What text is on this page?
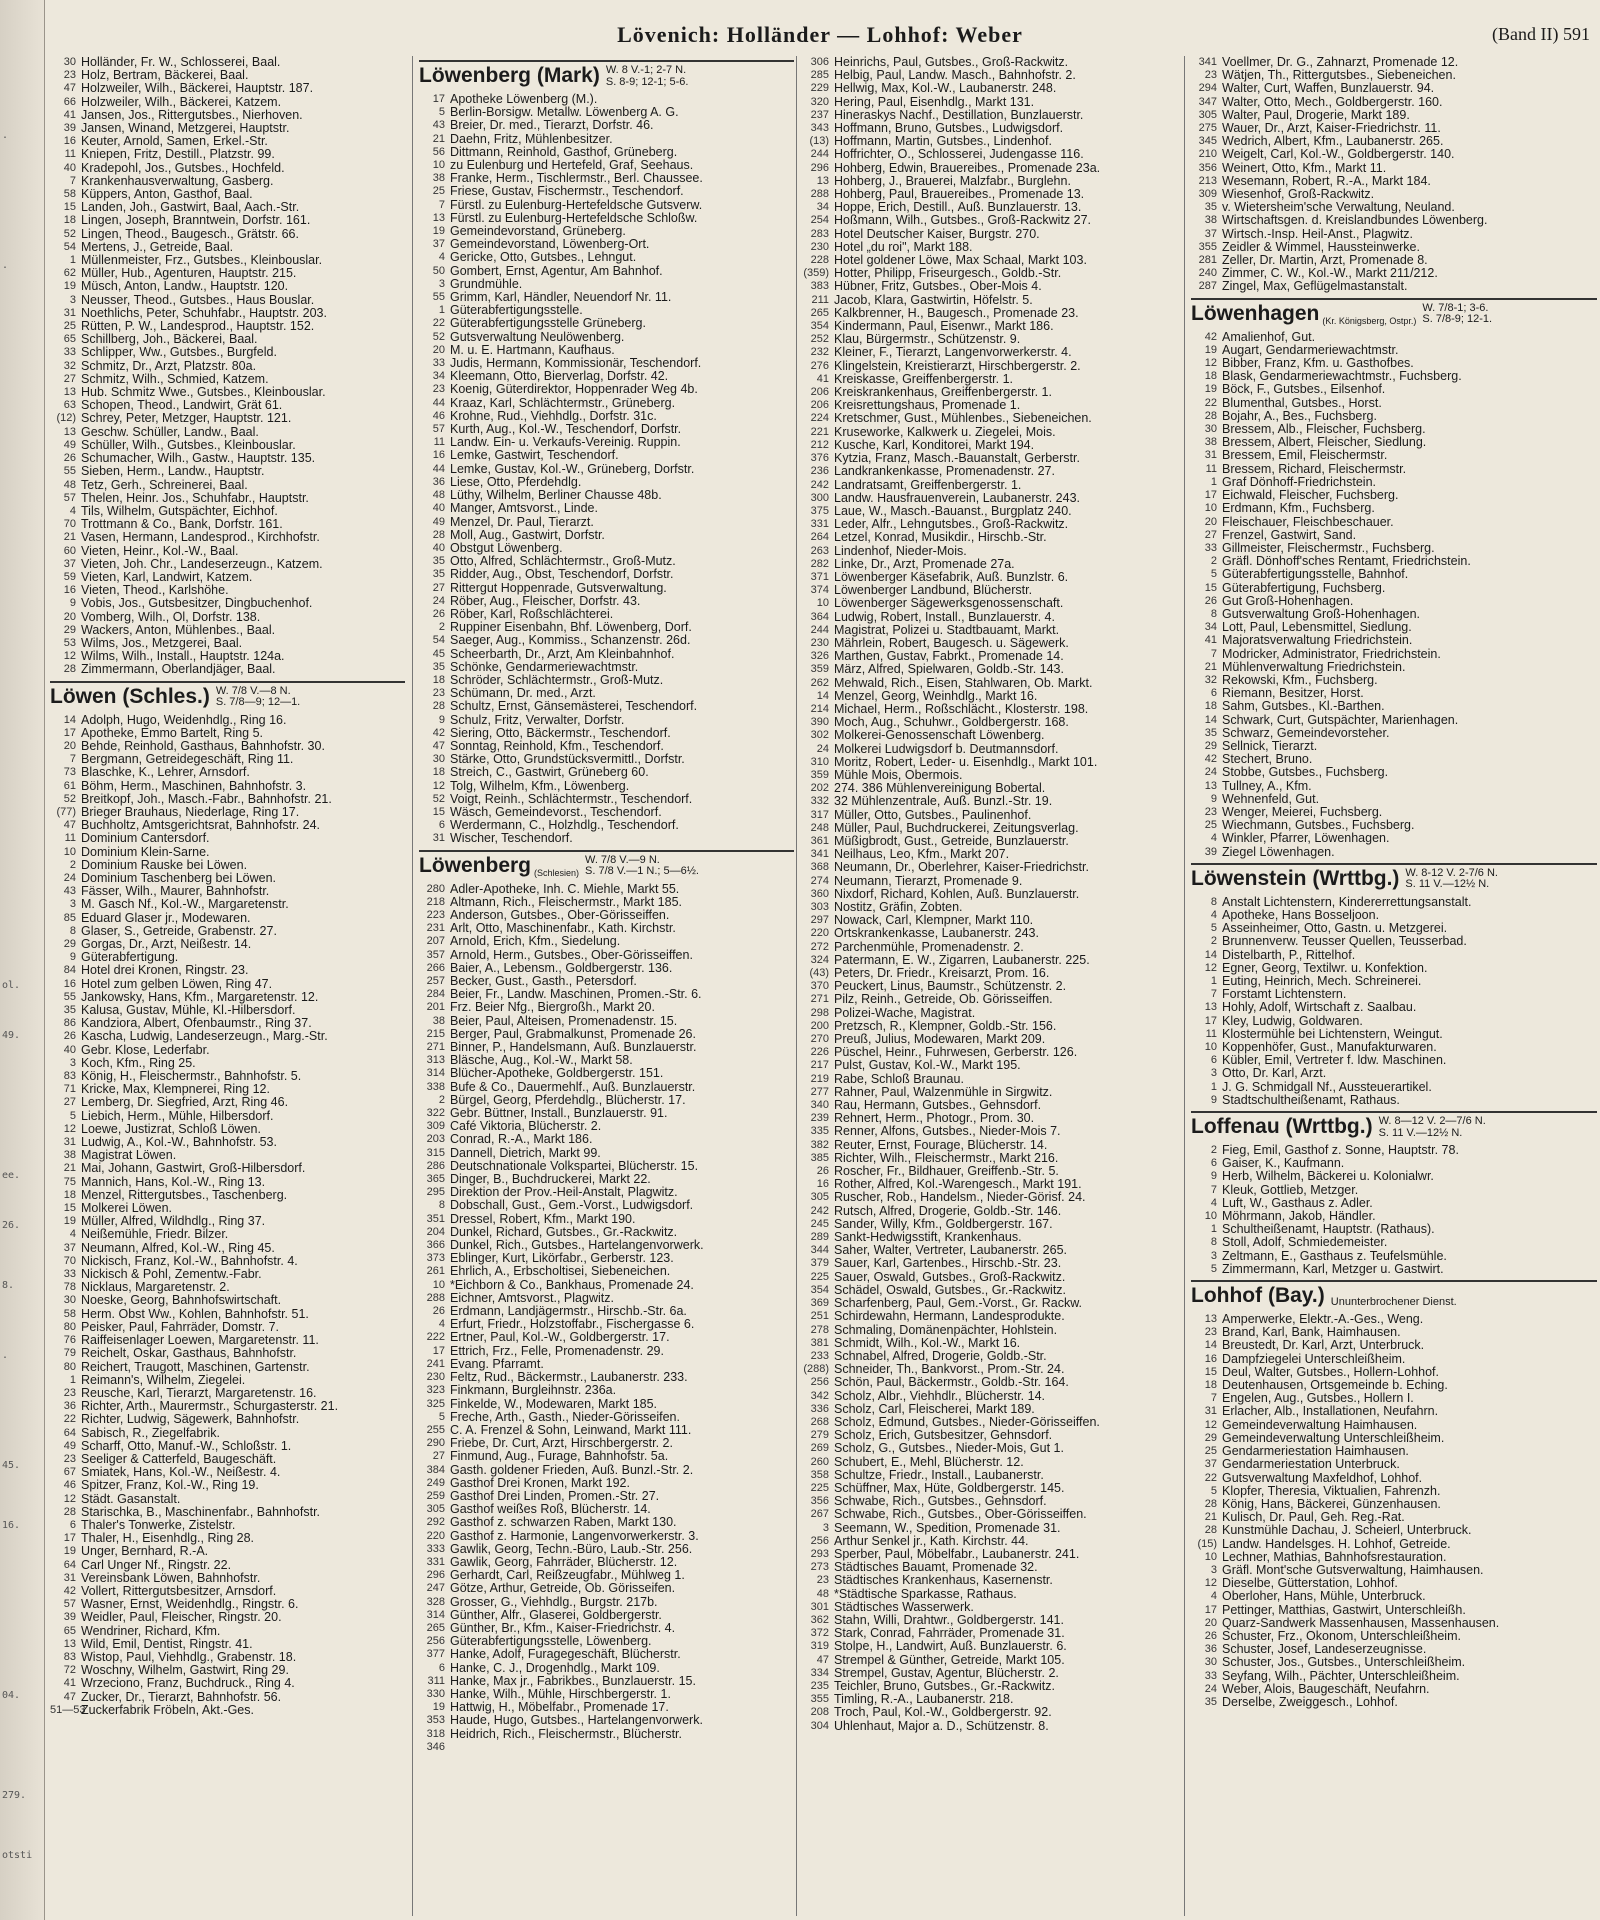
.
.
ol.
49.
ee.
26.
8.
.
45.
16.
04.
279.
otsti
Lövenich: Holländer — Lohhof: Weber	(Band II) 591
30 Holländer, Fr. W., Schlosserei, Baal.
23 Holz, Bertram, Bäckerei, Baal.
47 Holzweiler, Wilh., Bäckerei, Hauptstr. 187.
66 Holzweiler, Wilh., Bäckerei, Katzem.
41 Jansen, Jos., Rittergutsbes., Nierhoven.
39 Jansen, Winand, Metzgerei, Hauptstr.
16 Keuter, Arnold, Samen, Erkel.-Str.
11 Kniepen, Fritz, Destill., Platzstr. 99.
40 Kradepohl, Jos., Gutsbes., Hochfeld.
7 Krankenhausverwaltung, Gasberg.
58 Küppers, Anton, Gasthof, Baal.
15 Landen, Joh., Gastwirt, Baal, Aach.-Str.
18 Lingen, Joseph, Branntwein, Dorfstr. 161.
52 Lingen, Theod., Baugesch., Grätstr. 66.
54 Mertens, J., Getreide, Baal.
1 Müllenmeister, Frz., Gutsbes., Kleinbouslar.
62 Müller, Hub., Agenturen, Hauptstr. 215.
19 Müsch, Anton, Landw., Hauptstr. 120.
3 Neusser, Theod., Gutsbes., Haus Bouslar.
31 Noethlichs, Peter, Schuhfabr., Hauptstr. 203.
25 Rütten, P. W., Landesprod., Hauptstr. 152.
65 Schillberg, Joh., Bäckerei, Baal.
33 Schlipper, Ww., Gutsbes., Burgfeld.
32 Schmitz, Dr., Arzt, Platzstr. 80a.
27 Schmitz, Wilh., Schmied, Katzem.
13 Hub. Schmitz Wwe., Gutsbes., Kleinbouslar.
63 Schopen, Theod., Landwirt, Grät 61.
(12) Schrey, Peter, Metzger, Hauptstr. 121.
13 Geschw. Schüller, Landw., Baal.
49 Schüller, Wilh., Gutsbes., Kleinbouslar.
26 Schumacher, Wilh., Gastw., Hauptstr. 135.
55 Sieben, Herm., Landw., Hauptstr.
48 Tetz, Gerh., Schreinerei, Baal.
57 Thelen, Heinr. Jos., Schuhfabr., Hauptstr.
4 Tils, Wilhelm, Gutspächter, Eichhof.
70 Trottmann & Co., Bank, Dorfstr. 161.
21 Vasen, Hermann, Landesprod., Kirchhofstr.
60 Vieten, Heinr., Kol.-W., Baal.
37 Vieten, Joh. Chr., Landeserzeugn., Katzem.
59 Vieten, Karl, Landwirt, Katzem.
16 Vieten, Theod., Karlshöhe.
9 Vobis, Jos., Gutsbesitzer, Dingbuchenhof.
20 Vomberg, Wilh., Öl, Dorfstr. 138.
29 Wackers, Anton, Mühlenbes., Baal.
53 Wilms, Jos., Metzgerei, Baal.
12 Wilms, Wilh., Install., Hauptstr. 124a.
28 Zimmermann, Oberlandjäger, Baal.
Löwen (Schles.) W. 7/8 V.—8 N.
S. 7/8—9; 12—1.
14 Adolph, Hugo, Weidenhdlg., Ring 16.
17 Apotheke, Emmo Bartelt, Ring 5.
20 Behde, Reinhold, Gasthaus, Bahnhofstr. 30.
7 Bergmann, Getreidegeschäft, Ring 11.
73 Blaschke, K., Lehrer, Arnsdorf.
61 Böhm, Herm., Maschinen, Bahnhofstr. 3.
52 Breitkopf, Joh., Masch.-Fabr., Bahnhofstr. 21.
(77) Brieger Brauhaus, Niederlage, Ring 17.
47 Buchholtz, Amtsgerichtsrat, Bahnhofstr. 24.
11 Dominium Cantersdorf.
10 Dominium Klein-Sarne.
2 Dominium Rauske bei Löwen.
24 Dominium Taschenberg bei Löwen.
43 Fässer, Wilh., Maurer, Bahnhofstr.
3 M. Gasch Nf., Kol.-W., Margaretenstr.
85 Eduard Glaser jr., Modewaren.
8 Glaser, S., Getreide, Grabenstr. 27.
29 Gorgas, Dr., Arzt, Neißestr. 14.
9 Güterabfertigung.
84 Hotel drei Kronen, Ringstr. 23.
16 Hotel zum gelben Löwen, Ring 47.
55 Jankowsky, Hans, Kfm., Margaretenstr. 12.
35 Kalusa, Gustav, Mühle, Kl.-Hilbersdorf.
86 Kandziora, Albert, Ofenbaumstr., Ring 37.
26 Kascha, Ludwig, Landeserzeugn., Marg.-Str.
40 Gebr. Klose, Lederfabr.
3 Koch, Kfm., Ring 25.
83 König, H., Fleischermstr., Bahnhofstr. 5.
71 Kricke, Max, Klempnerei, Ring 12.
27 Lemberg, Dr. Siegfried, Arzt, Ring 46.
5 Liebich, Herm., Mühle, Hilbersdorf.
12 Loewe, Justizrat, Schloß Löwen.
31 Ludwig, A., Kol.-W., Bahnhofstr. 53.
38 Magistrat Löwen.
21 Mai, Johann, Gastwirt, Groß-Hilbersdorf.
75 Mannich, Hans, Kol.-W., Ring 13.
18 Menzel, Rittergutsbes., Taschenberg.
15 Molkerei Löwen.
19 Müller, Alfred, Wildhdlg., Ring 37.
4 Neißemühle, Friedr. Bilzer.
37 Neumann, Alfred, Kol.-W., Ring 45.
70 Nickisch, Franz, Kol.-W., Bahnhofstr. 4.
33 Nickisch & Pohl, Zementw.-Fabr.
78 Nicklaus, Margaretenstr. 2.
30 Noeske, Georg, Bahnhofswirtschaft.
58 Herm. Obst Ww., Kohlen, Bahnhofstr. 51.
80 Peisker, Paul, Fahrräder, Domstr. 7.
76 Raiffeisenlager Loewen, Margaretenstr. 11.
79 Reichelt, Oskar, Gasthaus, Bahnhofstr.
80 Reichert, Traugott, Maschinen, Gartenstr.
1 Reimann's, Wilhelm, Ziegelei.
23 Reusche, Karl, Tierarzt, Margaretenstr. 16.
36 Richter, Arth., Maurermstr., Schurgasterstr. 21.
22 Richter, Ludwig, Sägewerk, Bahnhofstr.
64 Sabisch, R., Ziegelfabrik.
49 Scharff, Otto, Manuf.-W., Schloßstr. 1.
23 Seeliger & Catterfeld, Baugeschäft.
67 Smiatek, Hans, Kol.-W., Neißestr. 4.
46 Spitzer, Franz, Kol.-W., Ring 19.
12 Städt. Gasanstalt.
28 Starischka, B., Maschinenfabr., Bahnhofstr.
6 Thaler's Tonwerke, Zistelstr.
17 Thaler, H., Eisenhdlg., Ring 28.
19 Unger, Bernhard, R.-A.
64 Carl Unger Nf., Ringstr. 22.
31 Vereinsbank Löwen, Bahnhofstr.
42 Vollert, Rittergutsbesitzer, Arnsdorf.
57 Wasner, Ernst, Weidenhdlg., Ringstr. 6.
39 Weidler, Paul, Fleischer, Ringstr. 20.
65 Wendriner, Richard, Kfm.
13 Wild, Emil, Dentist, Ringstr. 41.
83 Wistop, Paul, Viehhdlg., Grabenstr. 18.
72 Woschny, Wilhelm, Gastwirt, Ring 29.
41 Wrzeciono, Franz, Buchdruck., Ring 4.
47 Zucker, Dr., Tierarzt, Bahnhofstr. 56.
51—53
Zuckerfabrik Fröbeln, Akt.-Ges.
Löwenberg (Mark) W. 8 V.-1; 2-7 N.
S. 8-9; 12-1; 5-6.
17 Apotheke Löwenberg (M.).
5 Berlin-Borsigw. Metallw. Löwenberg A. G.
43 Breier, Dr. med., Tierarzt, Dorfstr. 46.
21 Daehn, Fritz, Mühlenbesitzer.
56 Dittmann, Reinhold, Gasthof, Grüneberg.
10 zu Eulenburg und Hertefeld, Graf, Seehaus.
38 Franke, Herm., Tischlermstr., Berl. Chaussee.
25 Friese, Gustav, Fischermstr., Teschendorf.
7 Fürstl. zu Eulenburg-Hertefeldsche Gutsverw.
13 Fürstl. zu Eulenburg-Hertefeldsche Schloßw.
19 Gemeindevorstand, Grüneberg.
37 Gemeindevorstand, Löwenberg-Ort.
4 Gericke, Otto, Gutsbes., Lehngut.
50 Gombert, Ernst, Agentur, Am Bahnhof.
3 Grundmühle.
55 Grimm, Karl, Händler, Neuendorf Nr. 11.
1 Güterabfertigungsstelle.
22 Güterabfertigungsstelle Grüneberg.
52 Gutsverwaltung Neulöwenberg.
20 M. u. E. Hartmann, Kaufhaus.
33 Judis, Hermann, Kommissionär, Teschendorf.
34 Kleemann, Otto, Bierverlag, Dorfstr. 42.
23 Koenig, Güterdirektor, Hoppenrader Weg 4b.
44 Kraaz, Karl, Schlächtermstr., Grüneberg.
46 Krohne, Rud., Viehhdlg., Dorfstr. 31c.
57 Kurth, Aug., Kol.-W., Teschendorf, Dorfstr.
11 Landw. Ein- u. Verkaufs-Vereinig. Ruppin.
16 Lemke, Gastwirt, Teschendorf.
44 Lemke, Gustav, Kol.-W., Grüneberg, Dorfstr.
36 Liese, Otto, Pferdehdlg.
48 Lüthy, Wilhelm, Berliner Chausse 48b.
40 Manger, Amtsvorst., Linde.
49 Menzel, Dr. Paul, Tierarzt.
28 Moll, Aug., Gastwirt, Dorfstr.
40 Obstgut Löwenberg.
35 Otto, Alfred, Schlächtermstr., Groß-Mutz.
35 Ridder, Aug., Obst, Teschendorf, Dorfstr.
27 Rittergut Hoppenrade, Gutsverwaltung.
24 Röber, Aug., Fleischer, Dorfstr. 43.
26 Röber, Karl, Roßschlächterei.
2 Ruppiner Eisenbahn, Bhf. Löwenberg, Dorf.
54 Saeger, Aug., Kommiss., Schanzenstr. 26d.
45 Scheerbarth, Dr., Arzt, Am Kleinbahnhof.
35 Schönke, Gendarmeriewachtmstr.
18 Schröder, Schlächtermstr., Groß-Mutz.
23 Schümann, Dr. med., Arzt.
28 Schultz, Ernst, Gänsemästerei, Teschendorf.
9 Schulz, Fritz, Verwalter, Dorfstr.
42 Siering, Otto, Bäckermstr., Teschendorf.
47 Sonntag, Reinhold, Kfm., Teschendorf.
30 Stärke, Otto, Grundstücksvermittl., Dorfstr.
18 Streich, C., Gastwirt, Grüneberg 60.
12 Tolg, Wilhelm, Kfm., Löwenberg.
52 Voigt, Reinh., Schlächtermstr., Teschendorf.
15 Wäsch, Gemeindevorst., Teschendorf.
6 Werdermann, C., Holzhdlg., Teschendorf.
31 Wischer, Teschendorf.
Löwenberg (Schlesien)
W. 7/8 V.—9 N.
S. 7/8 V.—1 N.; 5—6½.
280 Adler-Apotheke, Inh. C. Miehle, Markt 55.
218 Altmann, Rich., Fleischermstr., Markt 185.
223 Anderson, Gutsbes., Ober-Görisseiffen.
231 Arlt, Otto, Maschinenfabr., Kath. Kirchstr.
207 Arnold, Erich, Kfm., Siedelung.
357 Arnold, Herm., Gutsbes., Ober-Görisseiffen.
266 Baier, A., Lebensm., Goldbergerstr. 136.
257 Becker, Gust., Gasth., Petersdorf.
284 Beier, Fr., Landw. Maschinen, Promen.-Str. 6.
201 Frz. Beier Nfg., Biergroßh., Markt 20.
38 Beier, Paul, Alteisen, Promenadenstr. 15.
215 Berger, Paul, Grabmalkunst, Promenade 26.
271 Binner, P., Handelsmann, Äuß. Bunzlauerstr.
313 Bläsche, Aug., Kol.-W., Markt 58.
314 Blücher-Apotheke, Goldbergerstr. 151.
338 Bufe & Co., Dauermehlf., Äuß. Bunzlauerstr.
2 Bürgel, Georg, Pferdehdlg., Blücherstr. 17.
322 Gebr. Büttner, Install., Bunzlauerstr. 91.
309 Café Viktoria, Blücherstr. 2.
203 Conrad, R.-A., Markt 186.
315 Dannell, Dietrich, Markt 99.
286 Deutschnationale Volkspartei, Blücherstr. 15.
365 Dinger, B., Buchdruckerei, Markt 22.
295 Direktion der Prov.-Heil-Anstalt, Plagwitz.
8 Dobschall, Gust., Gem.-Vorst., Ludwigsdorf.
351 Dressel, Robert, Kfm., Markt 190.
204 Dunkel, Richard, Gutsbes., Gr.-Rackwitz.
366 Dunkel, Rich., Gutsbes., Hartelangenvorwerk.
373 Eblinger, Kurt, Likörfabr., Gerberstr. 123.
261 Ehrlich, A., Erbscholtisei, Siebeneichen.
10 *Eichborn & Co., Bankhaus, Promenade 24.
288 Eichner, Amtsvorst., Plagwitz.
26 Erdmann, Landjägermstr., Hirschb.-Str. 6a.
4 Erfurt, Friedr., Holzstoffabr., Fischergasse 6.
222 Ertner, Paul, Kol.-W., Goldbergerstr. 17.
17 Ettrich, Frz., Felle, Promenadenstr. 29.
241 Evang. Pfarramt.
230 Feltz, Rud., Bäckermstr., Laubanerstr. 233.
323 Finkmann, Burgleihnstr. 236a.
325 Finkelde, W., Modewaren, Markt 185.
5 Freche, Arth., Gasth., Nieder-Görisseifen.
255 C. A. Frenzel & Sohn, Leinwand, Markt 111.
290 Friebe, Dr. Curt, Arzt, Hirschbergerstr. 2.
27 Finmund, Aug., Furage, Bahnhofstr. 5a.
384 Gasth. goldener Frieden, Äuß. Bunzl.-Str. 2.
249 Gasthof Drei Kronen, Markt 192.
259 Gasthof Drei Linden, Promen.-Str. 27.
305 Gasthof weißes Roß, Blücherstr. 14.
292 Gasthof z. schwarzen Raben, Markt 130.
220 Gasthof z. Harmonie, Langenvorwerkerstr. 3.
333 Gawlik, Georg, Techn.-Büro, Laub.-Str. 256.
331 Gawlik, Georg, Fahrräder, Blücherstr. 12.
296 Gerhardt, Carl, Reißzeugfabr., Mühlweg 1.
247 Götze, Arthur, Getreide, Ob. Görisseifen.
328 Grosser, G., Viehhdlg., Burgstr. 217b.
314 Günther, Alfr., Glaserei, Goldbergerstr.
265 Günther, Br., Kfm., Kaiser-Friedrichstr. 4.
256 Güterabfertigungsstelle, Löwenberg.
377 Hanke, Adolf, Furagegeschäft, Blücherstr.
6 Hanke, C. J., Drogenhdlg., Markt 109.
311 Hanke, Max jr., Fabrikbes., Bunzlauerstr. 15.
330 Hanke, Wilh., Mühle, Hirschbergerstr. 1.
19 Hattwig, H., Möbelfabr., Promenade 17.
353 Haude, Hugo, Gutsbes., Hartelangenvorwerk.
318 Heidrich, Rich., Fleischermstr., Blücherstr.
346
306 Heinrichs, Paul, Gutsbes., Groß-Rackwitz.
285 Helbig, Paul, Landw. Masch., Bahnhofstr. 2.
229 Hellwig, Max, Kol.-W., Laubanerstr. 248.
320 Hering, Paul, Eisenhdlg., Markt 131.
237 Hineraskys Nachf., Destillation, Bunzlauerstr.
343 Hoffmann, Bruno, Gutsbes., Ludwigsdorf.
(13) Hoffmann, Martin, Gutsbes., Lindenhof.
244 Hoffrichter, O., Schlosserei, Judengasse 116.
296 Hohberg, Edwin, Brauereibes., Promenade 23a.
13 Hohberg, J., Brauerei, Malzfabr., Burglehn.
288 Hohberg, Paul, Brauereibes., Promenade 13.
34 Hoppe, Erich, Destill., Äuß. Bunzlauerstr. 13.
254 Hoßmann, Wilh., Gutsbes., Groß-Rackwitz 27.
283 Hotel Deutscher Kaiser, Burgstr. 270.
230 Hotel „du roi", Markt 188.
228 Hotel goldener Löwe, Max Schaal, Markt 103.
(359) Hotter, Philipp, Friseurgesch., Goldb.-Str.
383 Hübner, Fritz, Gutsbes., Ober-Mois 4.
211 Jacob, Klara, Gastwirtin, Höfelstr. 5.
265 Kalkbrenner, H., Baugesch., Promenade 23.
354 Kindermann, Paul, Eisenwr., Markt 186.
252 Klau, Bürgermstr., Schützenstr. 9.
232 Kleiner, F., Tierarzt, Langenvorwerkerstr. 4.
276 Klingelstein, Kreistierarzt, Hirschbergerstr. 2.
41 Kreiskasse, Greiffenbergerstr. 1.
206 Kreiskrankenhaus, Greiffenbergerstr. 1.
206 Kreisrettungshaus, Promenade 1.
224 Kretschmer, Gust., Mühlenbes., Siebeneichen.
221 Kruseworke, Kalkwerk u. Ziegelei, Mois.
212 Kusche, Karl, Konditorei, Markt 194.
376 Kytzia, Franz, Masch.-Bauanstalt, Gerberstr.
236 Landkrankenkasse, Promenadenstr. 27.
242 Landratsamt, Greiffenbergerstr. 1.
300 Landw. Hausfrauenverein, Laubanerstr. 243.
375 Laue, W., Masch.-Bauanst., Burgplatz 240.
331 Leder, Alfr., Lehngutsbes., Groß-Rackwitz.
264 Letzel, Konrad, Musikdir., Hirschb.-Str.
263 Lindenhof, Nieder-Mois.
282 Linke, Dr., Arzt, Promenade 27a.
371 Löwenberger Käsefabrik, Äuß. Bunzlstr. 6.
374 Löwenberger Landbund, Blücherstr.
10 Löwenberger Sägewerksgenossenschaft.
364 Ludwig, Robert, Install., Bunzlauerstr. 4.
244 Magistrat, Polizei u. Stadtbauamt, Markt.
230 Mährlein, Robert, Baugesch. u. Sägewerk.
326 Marthen, Gustav, Fabrkt., Promenade 14.
359 März, Alfred, Spielwaren, Goldb.-Str. 143.
262 Mehwald, Rich., Eisen, Stahlwaren, Ob. Markt.
14 Menzel, Georg, Weinhdlg., Markt 16.
214 Michael, Herm., Roßschlächt., Klosterstr. 198.
390 Moch, Aug., Schuhwr., Goldbergerstr. 168.
302 Molkerei-Genossenschaft Löwenberg.
24 Molkerei Ludwigsdorf b. Deutmannsdorf.
310 Moritz, Robert, Leder- u. Eisenhdlg., Markt 101.
359 Mühle Mois, Obermois.
202 274. 386 Mühlenvereinigung Bobertal.
332 32 Mühlenzentrale, Äuß. Bunzl.-Str. 19.
317 Müller, Otto, Gutsbes., Paulinenhof.
248 Müller, Paul, Buchdruckerei, Zeitungsverlag.
361 Müßigbrodt, Gust., Getreide, Bunzlauerstr.
341 Neilhaus, Leo, Kfm., Markt 207.
368 Neumann, Dr., Oberlehrer, Kaiser-Friedrichstr.
274 Neumann, Tierarzt, Promenade 9.
360 Nixdorf, Richard, Kohlen, Äuß. Bunzlauerstr.
303 Nostitz, Gräfin, Zobten.
297 Nowack, Carl, Klempner, Markt 110.
220 Ortskrankenkasse, Laubanerstr. 243.
272 Parchenmühle, Promenadenstr. 2.
324 Patermann, E. W., Zigarren, Laubanerstr. 225.
(43) Peters, Dr. Friedr., Kreisarzt, Prom. 16.
370 Peuckert, Linus, Baumstr., Schützenstr. 2.
271 Pilz, Reinh., Getreide, Ob. Görisseiffen.
298 Polizei-Wache, Magistrat.
200 Pretzsch, R., Klempner, Goldb.-Str. 156.
270 Preuß, Julius, Modewaren, Markt 209.
226 Püschel, Heinr., Fuhrwesen, Gerberstr. 126.
217 Pulst, Gustav, Kol.-W., Markt 195.
219 Rabe, Schloß Braunau.
277 Rahner, Paul, Walzenmühle in Sirgwitz.
340 Rau, Hermann, Gutsbes., Gehnsdorf.
239 Rehnert, Herm., Photogr., Prom. 30.
335 Renner, Alfons, Gutsbes., Nieder-Mois 7.
382 Reuter, Ernst, Fourage, Blücherstr. 14.
385 Richter, Wilh., Fleischermstr., Markt 216.
26 Roscher, Fr., Bildhauer, Greiffenb.-Str. 5.
16 Rother, Alfred, Kol.-Warengesch., Markt 191.
305 Ruscher, Rob., Handelsm., Nieder-Görisf. 24.
242 Rutsch, Alfred, Drogerie, Goldb.-Str. 146.
245 Sander, Willy, Kfm., Goldbergerstr. 167.
289 Sankt-Hedwigsstift, Krankenhaus.
344 Saher, Walter, Vertreter, Laubanerstr. 265.
379 Sauer, Karl, Gartenbes., Hirschb.-Str. 23.
225 Sauer, Oswald, Gutsbes., Groß-Rackwitz.
354 Schädel, Oswald, Gutsbes., Gr.-Rackwitz.
369 Scharfenberg, Paul, Gem.-Vorst., Gr. Rackw.
251 Schirdewahn, Hermann, Landesprodukte.
278 Schmaling, Domänenpächter, Hohlstein.
381 Schmidt, Wilh., Kol.-W., Markt 16.
233 Schnabel, Alfred, Drogerie, Goldb.-Str.
(288) Schneider, Th., Bankvorst., Prom.-Str. 24.
256 Schön, Paul, Bäckermstr., Goldb.-Str. 164.
342 Scholz, Albr., Viehhdlr., Blücherstr. 14.
336 Scholz, Carl, Fleischerei, Markt 189.
268 Scholz, Edmund, Gutsbes., Nieder-Görisseiffen.
279 Scholz, Erich, Gutsbesitzer, Gehnsdorf.
269 Scholz, G., Gutsbes., Nieder-Mois, Gut 1.
260 Schubert, E., Mehl, Blücherstr. 12.
358 Schultze, Friedr., Install., Laubanerstr.
225 Schüffner, Max, Hüte, Goldbergerstr. 145.
356 Schwabe, Rich., Gutsbes., Gehnsdorf.
267 Schwabe, Rich., Gutsbes., Ober-Görisseiffen.
3 Seemann, W., Spedition, Promenade 31.
256 Arthur Senkel jr., Kath. Kirchstr. 44.
293 Sperber, Paul, Möbelfabr., Laubanerstr. 241.
273 Städtisches Bauamt, Promenade 32.
23 Städtisches Krankenhaus, Kasernenstr.
48 *Städtische Sparkasse, Rathaus.
301 Städtisches Wasserwerk.
362 Stahn, Willi, Drahtwr., Goldbergerstr. 141.
372 Stark, Conrad, Fahrräder, Promenade 31.
319 Stolpe, H., Landwirt, Äuß. Bunzlauerstr. 6.
47 Strempel & Günther, Getreide, Markt 105.
334 Strempel, Gustav, Agentur, Blücherstr. 2.
235 Teichler, Bruno, Gutsbes., Gr.-Rackwitz.
355 Timling, R.-A., Laubanerstr. 218.
208 Troch, Paul, Kol.-W., Goldbergerstr. 92.
304 Uhlenhaut, Major a. D., Schützenstr. 8.
341 Voellmer, Dr. G., Zahnarzt, Promenade 12.
23 Wätjen, Th., Rittergutsbes., Siebeneichen.
294 Walter, Curt, Waffen, Bunzlauerstr. 94.
347 Walter, Otto, Mech., Goldbergerstr. 160.
305 Walter, Paul, Drogerie, Markt 189.
275 Wauer, Dr., Arzt, Kaiser-Friedrichstr. 11.
345 Wedrich, Albert, Kfm., Laubanerstr. 265.
210 Weigelt, Carl, Kol.-W., Goldbergerstr. 140.
356 Weinert, Otto, Kfm., Markt 11.
213 Wesemann, Robert, R.-A., Markt 184.
309 Wiesenhof, Groß-Rackwitz.
35 v. Wietersheim'sche Verwaltung, Neuland.
38 Wirtschaftsgen. d. Kreislandbundes Löwenberg.
37 Wirtsch.-Insp. Heil-Anst., Plagwitz.
355 Zeidler & Wimmel, Haussteinwerke.
281 Zeller, Dr. Martin, Arzt, Promenade 8.
240 Zimmer, C. W., Kol.-W., Markt 211/212.
287 Zingel, Max, Geflügelmastanstalt.
Löwenhagen (Kr. Königsberg, Ostpr.)
W. 7/8-1; 3-6.
S. 7/8-9; 12-1.
42 Amalienhof, Gut.
19 Augart, Gendarmeriewachtmstr.
12 Bibber, Franz, Kfm. u. Gasthofbes.
18 Blask, Gendarmeriewachtmstr., Fuchsberg.
19 Böck, F., Gutsbes., Eilsenhof.
22 Blumenthal, Gutsbes., Horst.
28 Bojahr, A., Bes., Fuchsberg.
30 Bressem, Alb., Fleischer, Fuchsberg.
38 Bressem, Albert, Fleischer, Siedlung.
31 Bressem, Emil, Fleischermstr.
11 Bressem, Richard, Fleischermstr.
1 Graf Dönhoff-Friedrichstein.
17 Eichwald, Fleischer, Fuchsberg.
10 Erdmann, Kfm., Fuchsberg.
20 Fleischauer, Fleischbeschauer.
27 Frenzel, Gastwirt, Sand.
33 Gillmeister, Fleischermstr., Fuchsberg.
2 Gräfl. Dönhoff'sches Rentamt, Friedrichstein.
5 Güterabfertigungsstelle, Bahnhof.
15 Güterabfertigung, Fuchsberg.
26 Gut Groß-Hohenhagen.
8 Gutsverwaltung Groß-Hohenhagen.
34 Lott, Paul, Lebensmittel, Siedlung.
41 Majoratsverwaltung Friedrichstein.
7 Modricker, Administrator, Friedrichstein.
21 Mühlenverwaltung Friedrichstein.
32 Rekowski, Kfm., Fuchsberg.
6 Riemann, Besitzer, Horst.
18 Sahm, Gutsbes., Kl.-Barthen.
14 Schwark, Curt, Gutspächter, Marienhagen.
35 Schwarz, Gemeindevorsteher.
29 Sellnick, Tierarzt.
42 Stechert, Bruno.
24 Stobbe, Gutsbes., Fuchsberg.
13 Tullney, A., Kfm.
9 Wehnenfeld, Gut.
23 Wenger, Meierei, Fuchsberg.
25 Wiechmann, Gutsbes., Fuchsberg.
4 Winkler, Pfarrer, Löwenhagen.
39 Ziegel Löwenhagen.
Löwenstein (Wrttbg.) W. 8-12 V. 2-7/6 N.
S. 11 V.—12½ N.
8 Anstalt Lichtenstern, Kindererrettungsanstalt.
4 Apotheke, Hans Bosseljoon.
5 Asseinheimer, Otto, Gastn. u. Metzgerei.
2 Brunnenverw. Teusser Quellen, Teusserbad.
14 Distelbarth, P., Rittelhof.
12 Egner, Georg, Textilwr. u. Konfektion.
1 Euting, Heinrich, Mech. Schreinerei.
7 Forstamt Lichtenstern.
13 Hohly, Adolf, Wirtschaft z. Saalbau.
17 Kley, Ludwig, Goldwaren.
11 Klostermühle bei Lichtenstern, Weingut.
10 Koppenhöfer, Gust., Manufakturwaren.
6 Kübler, Emil, Vertreter f. ldw. Maschinen.
3 Otto, Dr. Karl, Arzt.
1 J. G. Schmidgall Nf., Aussteuerartikel.
9 Stadtschultheißenamt, Rathaus.
Loffenau (Wrttbg.) W. 8—12 V. 2—7/6 N.
S. 11 V.—12½ N.
2 Fieg, Emil, Gasthof z. Sonne, Hauptstr. 78.
6 Gaiser, K., Kaufmann.
9 Herb, Wilhelm, Bäckerei u. Kolonialwr.
7 Kleuk, Gottlieb, Metzger.
4 Luft, W., Gasthaus z. Adler.
10 Möhrmann, Jakob, Händler.
1 Schultheißenamt, Hauptstr. (Rathaus).
8 Stoll, Adolf, Schmiedemeister.
3 Zeltmann, E., Gasthaus z. Teufelsmühle.
5 Zimmermann, Karl, Metzger u. Gastwirt.
Lohhof (Bay.) Ununterbrochener Dienst.
13 Amperwerke, Elektr.-A.-Ges., Weng.
23 Brand, Karl, Bank, Haimhausen.
14 Breustedt, Dr. Karl, Arzt, Unterbruck.
16 Dampfziegelei Unterschleißheim.
15 Deul, Walter, Gutsbes., Hollern-Lohhof.
18 Deutenhausen, Ortsgemeinde b. Eching.
7 Engelen, Aug., Gutsbes., Hollern I.
31 Erlacher, Alb., Installationen, Neufahrn.
12 Gemeindeverwaltung Haimhausen.
29 Gemeindeverwaltung Unterschleißheim.
25 Gendarmeriestation Haimhausen.
37 Gendarmeriestation Unterbruck.
22 Gutsverwaltung Maxfeldhof, Lohhof.
5 Klopfer, Theresia, Viktualien, Fahrenzh.
28 König, Hans, Bäckerei, Günzenhausen.
21 Kulisch, Dr. Paul, Geh. Reg.-Rat.
28 Kunstmühle Dachau, J. Scheierl, Unterbruck.
(15) Landw. Handelsges. H. Lohhof, Getreide.
10 Lechner, Mathias, Bahnhofsrestauration.
3 Gräfl. Mont'sche Gutsverwaltung, Haimhausen.
12 Dieselbe, Gütterstation, Lohhof.
4 Oberloher, Hans, Mühle, Unterbruck.
17 Pettinger, Matthias, Gastwirt, Unterschleißh.
20 Quarz-Sandwerk Massenhausen, Massenhausen.
26 Schuster, Frz., Ökonom, Unterschleißheim.
36 Schuster, Josef, Landeserzeugnisse.
30 Schuster, Jos., Gutsbes., Unterschleißheim.
33 Seyfang, Wilh., Pächter, Unterschleißheim.
24 Weber, Alois, Baugeschäft, Neufahrn.
35 Derselbe, Zweiggesch., Lohhof.
